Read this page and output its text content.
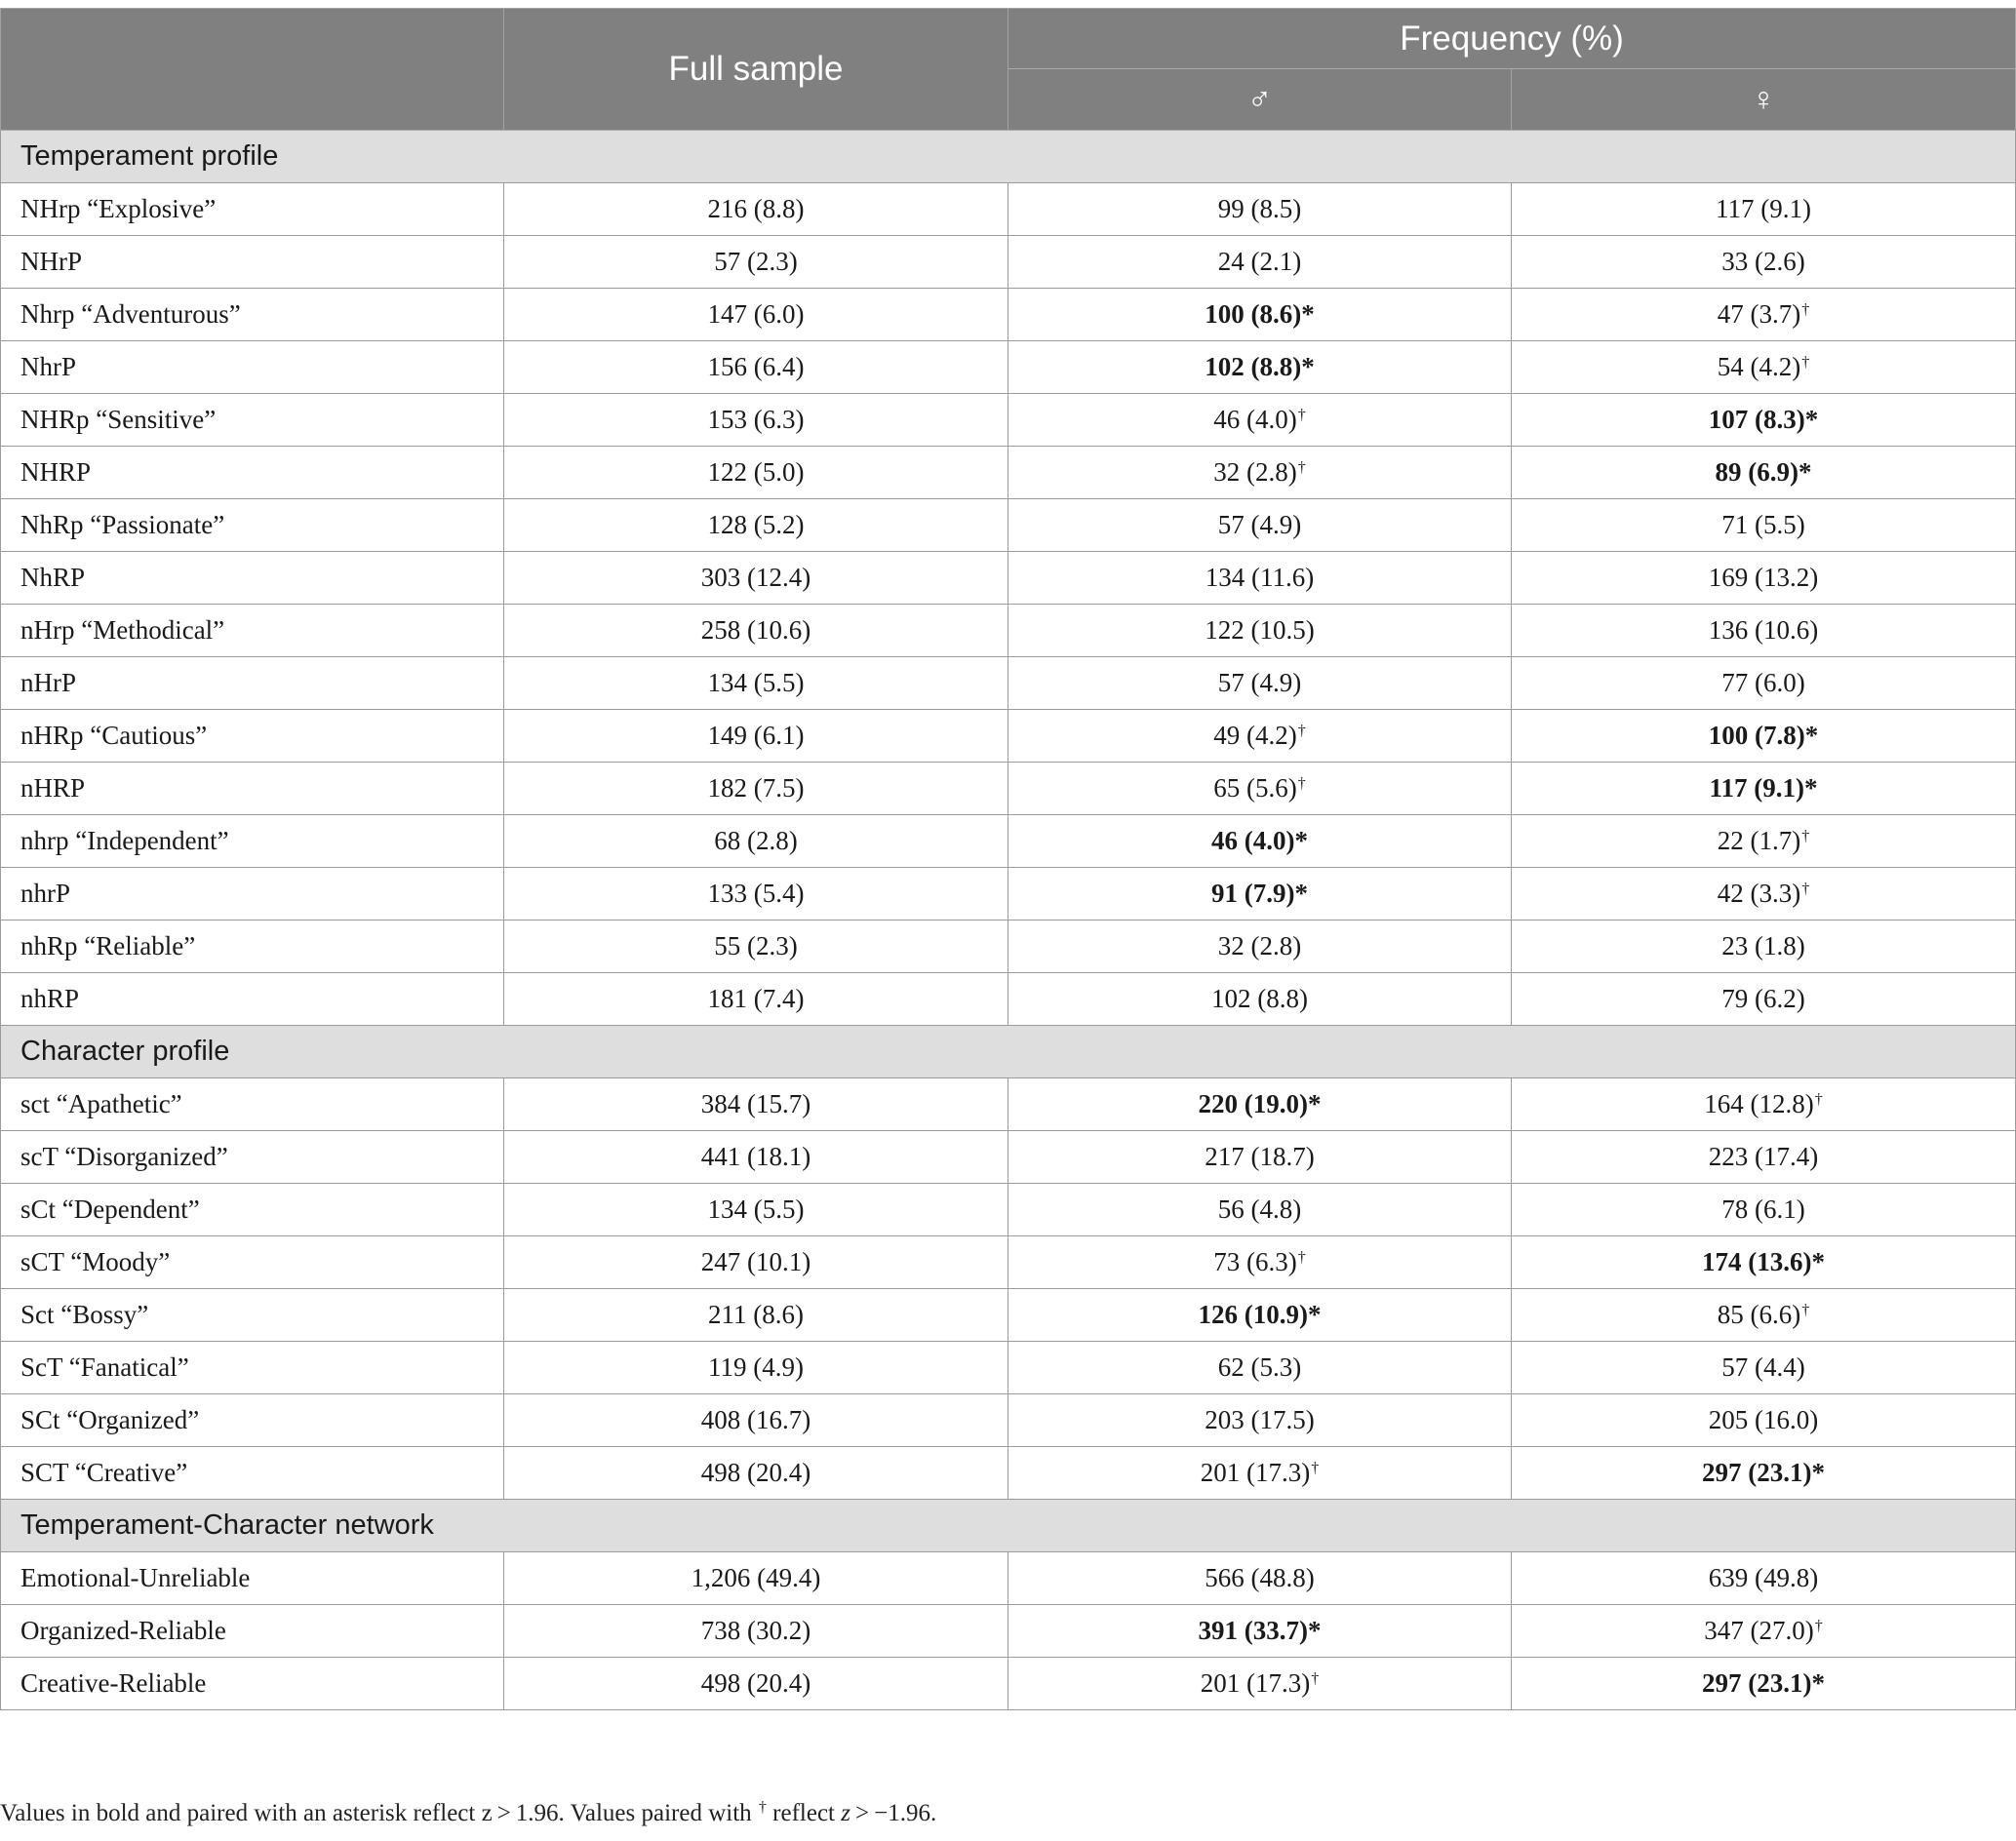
	Full sample	Frequency (%)	
		♂	♀
Temperament profile			
NHrp “Explosive”	216 (8.8)	99 (8.5)	117 (9.1)
NHrP	57 (2.3)	24 (2.1)	33 (2.6)
Nhrp “Adventurous”	147 (6.0)	100 (8.6)*	47 (3.7)†
NhrP	156 (6.4)	102 (8.8)*	54 (4.2)†
NHRp “Sensitive”	153 (6.3)	46 (4.0)†	107 (8.3)*
NHRP	122 (5.0)	32 (2.8)†	89 (6.9)*
NhRp “Passionate”	128 (5.2)	57 (4.9)	71 (5.5)
NhRP	303 (12.4)	134 (11.6)	169 (13.2)
nHrp “Methodical”	258 (10.6)	122 (10.5)	136 (10.6)
nHrP	134 (5.5)	57 (4.9)	77 (6.0)
nHRp “Cautious”	149 (6.1)	49 (4.2)†	100 (7.8)*
nHRP	182 (7.5)	65 (5.6)†	117 (9.1)*
nhrp “Independent”	68 (2.8)	46 (4.0)*	22 (1.7)†
nhrP	133 (5.4)	91 (7.9)*	42 (3.3)†
nhRp “Reliable”	55 (2.3)	32 (2.8)	23 (1.8)
nhRP	181 (7.4)	102 (8.8)	79 (6.2)
Character profile			
sct “Apathetic”	384 (15.7)	220 (19.0)*	164 (12.8)†
scT “Disorganized”	441 (18.1)	217 (18.7)	223 (17.4)
sCt “Dependent”	134 (5.5)	56 (4.8)	78 (6.1)
sCT “Moody”	247 (10.1)	73 (6.3)†	174 (13.6)*
Sct “Bossy”	211 (8.6)	126 (10.9)*	85 (6.6)†
ScT “Fanatical”	119 (4.9)	62 (5.3)	57 (4.4)
SCt “Organized”	408 (16.7)	203 (17.5)	205 (16.0)
SCT “Creative”	498 (20.4)	201 (17.3)†	297 (23.1)*
Temperament-Character network			
Emotional-Unreliable	1,206 (49.4)	566 (48.8)	639 (49.8)
Organized-Reliable	738 (30.2)	391 (33.7)*	347 (27.0)†
Creative-Reliable	498 (20.4)	201 (17.3)†	297 (23.1)*
Values in bold and paired with an asterisk reflect z > 1.96. Values paired with † reflect z > −1.96.
